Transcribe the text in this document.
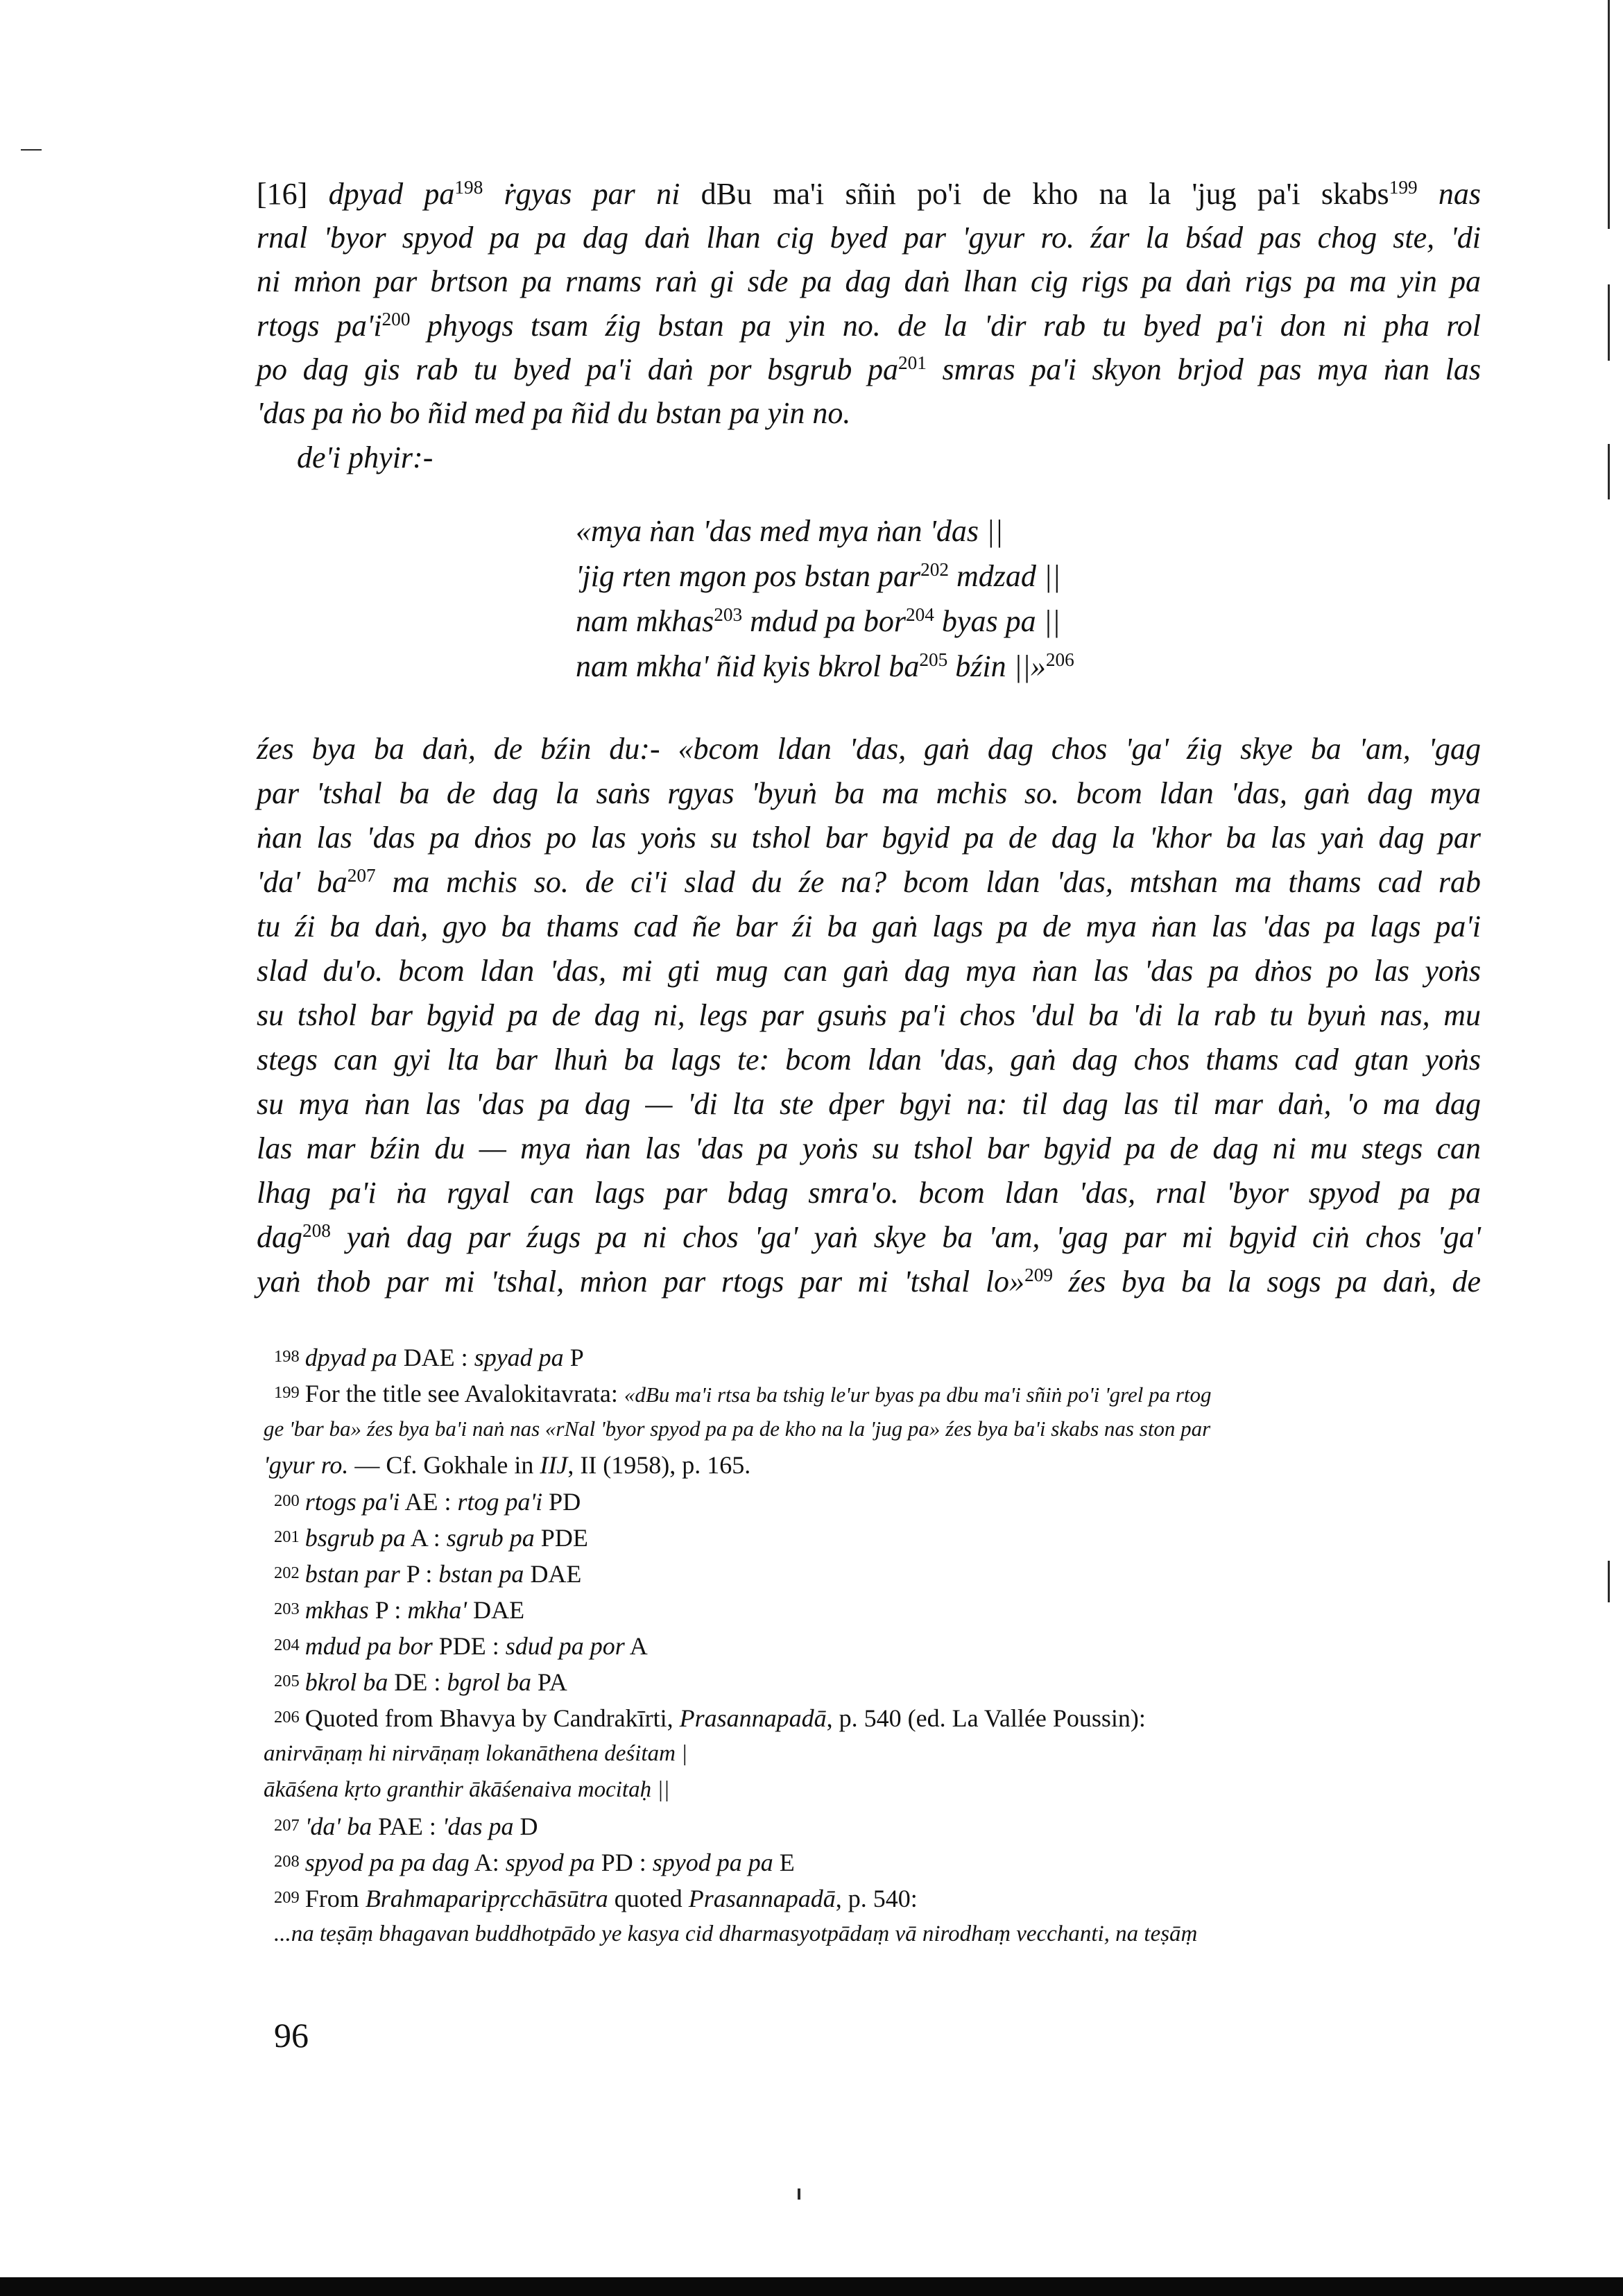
[16] dpyad $pa^{198}$ ṙgyas par ni dBu ma'i sñiṅ po'i de kho na la 'jug pa'i skabs$^{199}$ nas
rnal 'byor spyod pa pa dag daṅ lhan cig byed par 'gyur ro. źar la bśad pas chog ste, 'di
ni mṅon par brtson pa rnams raṅ gi sde pa dag daṅ lhan cig rigs pa daṅ rigs pa ma yin pa
rtogs $pa'i^{200}$ phyogs tsam źig bstan pa yin no. de la 'dir rab tu byed pa'i don ni pha rol
po dag gis rab tu byed pa'i daṅ por bsgrub $pa^{201}$ smras pa'i skyon brjod pas mya ṅan las
'das pa ṅo bo ñid med pa ñid du bstan pa yin no.
de'i phyir:-
«mya ṅan 'das med mya ṅan 'das ||
'jig rten mgon pos bstan par$^{202}$ mdzad ||
nam mkhas$^{203}$ mdud pa bor$^{204}$ byas pa ||
nam mkha' ñid kyis bkrol $ba^{205}$ bźin ||»$^{206}$
źes bya ba daṅ, de bźin du:- «bcom ldan 'das, gaṅ dag chos 'ga' źig skye ba 'am, 'gag
par 'tshal ba de dag la saṅs rgyas 'byuṅ ba ma mchis so. bcom ldan 'das, gaṅ dag mya
ṅan las 'das pa dṅos po las yoṅs su tshol bar bgyid pa de dag la 'khor ba las yaṅ dag par
'da' $ba^{207}$ ma mchis so. de ci'i slad du źe na? bcom ldan 'das, mtshan ma thams cad rab
tu źi ba daṅ, gyo ba thams cad ñe bar źi ba gaṅ lags pa de mya ṅan las 'das pa lags pa'i
slad du'o. bcom ldan 'das, mi gti mug can gaṅ dag mya ṅan las 'das pa dṅos po las yoṅs
su tshol bar bgyid pa de dag ni, legs par gsuṅs pa'i chos 'dul ba 'di la rab tu byuṅ nas, mu
stegs can gyi lta bar lhuṅ ba lags te: bcom ldan 'das, gaṅ dag chos thams cad gtan yoṅs
su mya ṅan las 'das pa dag — 'di lta ste dper bgyi na: til dag las til mar daṅ, 'o ma dag
las mar bźin du — mya ṅan las 'das pa yoṅs su tshol bar bgyid pa de dag ni mu stegs can
lhag pa'i ṅa rgyal can lags par bdag smra'o. bcom ldan 'das, rnal 'byor spyod pa pa
dag$^{208}$ yaṅ dag par źugs pa ni chos 'ga' yaṅ skye ba 'am, 'gag par mi bgyid ciṅ chos 'ga'
yaṅ thob par mi 'tshal, mṅon par rtogs par mi 'tshal lo»$^{209}$ źes bya ba la sogs pa daṅ, de
198 dpyad pa DAE : spyad pa P
199 For the title see Avalokitavrata: «dBu ma'i rtsa ba tshig le'ur byas pa dbu ma'i sñiṅ po'i 'grel pa rtog
ge 'bar ba» źes bya ba'i naṅ nas «rNal 'byor spyod pa pa de kho na la 'jug pa» źes bya ba'i skabs nas ston par
'gyur ro. — Cf. Gokhale in IIJ, II (1958), p. 165.
200 rtogs pa'i AE : rtog pa'i PD
201 bsgrub pa A : sgrub pa PDE
202 bstan par P : bstan pa DAE
203 mkhas P : mkha' DAE
204 mdud pa bor PDE : sdud pa por A
205 bkrol ba DE : bgrol ba PA
206 Quoted from Bhavya by Candrakīrti, Prasannapadā, p. 540 (ed. La Vallée Poussin):
anirvāṇaṃ hi nirvāṇaṃ lokanāthena deśitam |
ākāśena kṛto granthir ākāśenaiva mocitaḥ ||
207 'da' ba PAE : 'das pa D
208 spyod pa pa dag A: spyod pa PD : spyod pa pa E
209 From Brahmaparipṛcchāsūtra quoted Prasannapadā, p. 540:
...na teṣāṃ bhagavan buddhotpādo ye kasya cid dharmasyotpādaṃ vā nirodhaṃ vecchanti, na teṣāṃ
96
